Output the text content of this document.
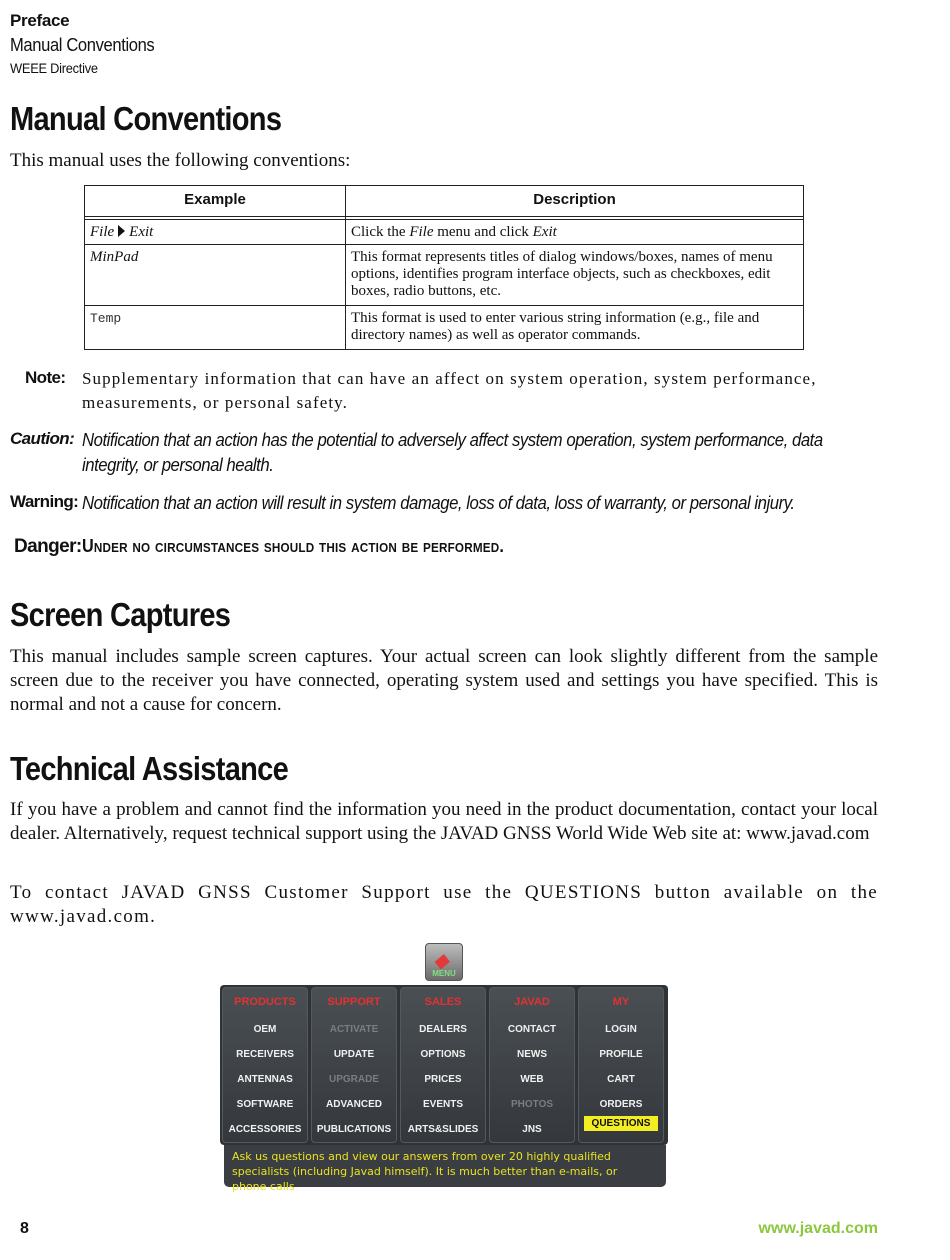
Preface
Manual Conventions
WEEE Directive
Manual Conventions

This manual uses the following conventions:

Example	Description

File Exit	Click the File menu and click Exit
MinPad	This format represents titles of dialog windows/boxes, names of menu options, identifies program interface objects, such as checkboxes, edit boxes, radio buttons, etc.
Temp	This format is used to enter various string information (e.g., file and directory names) as well as operator commands.
Note: Supplementary information that can have an affect on system operation, system performance, measurements, or personal safety.
Caution: Notification that an action has the potential to adversely affect system operation, system performance, data integrity, or personal health.
Warning: Notification that an action will result in system damage, loss of data, loss of warranty, or personal injury.
Danger: Under no circumstances should this action be performed.
Screen Captures

This manual includes sample screen captures. Your actual screen can look slightly different from the sample screen due to the receiver you have connected, operating system used and settings you have specified. This is normal and not a cause for concern.

Technical Assistance

If you have a problem and cannot find the information you need in the product documentation, contact your local dealer. Alternatively, request technical support using the JAVAD GNSS World Wide Web site at: www.javad.com

To contact JAVAD GNSS Customer Support use the QUESTIONS button available on the www.javad.com.

◆
MENU
PRODUCTS
OEM
RECEIVERS
ANTENNAS
SOFTWARE
ACCESSORIES
SUPPORT
ACTIVATE
UPDATE
UPGRADE
ADVANCED
PUBLICATIONS
SALES
DEALERS
OPTIONS
PRICES
EVENTS
ARTS&SLIDES
JAVAD
CONTACT
NEWS
WEB
PHOTOS
JNS
MY
LOGIN
PROFILE
CART
ORDERS
QUESTIONS
Ask us questions and view our answers from over 20 highly qualified specialists (including Javad himself). It is much better than e-mails, or phone calls
8	www.javad.com
